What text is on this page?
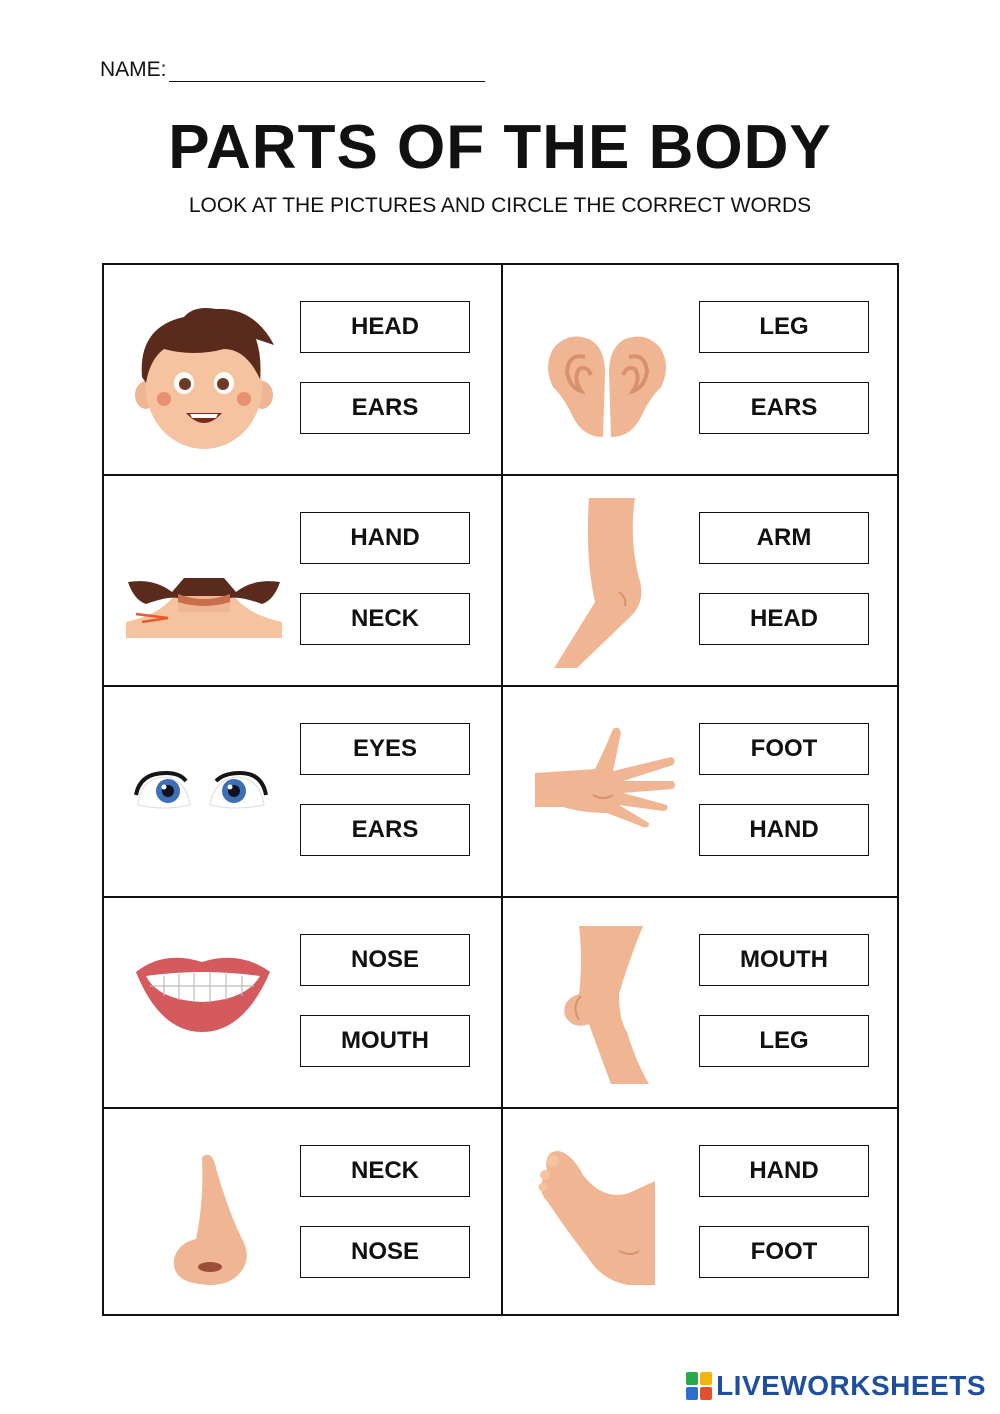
NAME:
PARTS OF THE BODY
LOOK AT THE PICTURES AND CIRCLE THE CORRECT WORDS
HEAD
EARS
LEG
EARS
HAND
NECK
ARM
HEAD
EYES
EARS
FOOT
HAND
NOSE
MOUTH
MOUTH
LEG
NECK
NOSE
HAND
FOOT
LIVEWORKSHEETS
